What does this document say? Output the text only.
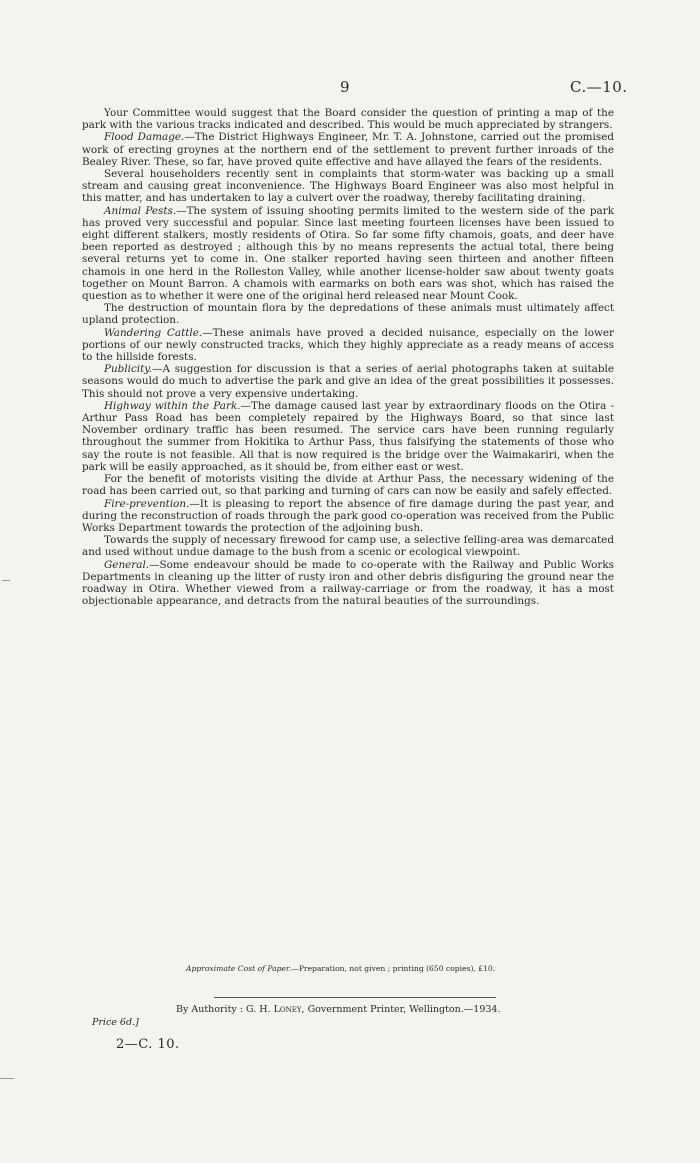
9	C.—10.

Your Committee would suggest that the Board consider the question of printing a map of the park with the various tracks indicated and described. This would be much appreciated by strangers.

Flood Damage.—The District Highways Engineer, Mr. T. A. Johnstone, carried out the promised work of erecting groynes at the northern end of the settlement to prevent further inroads of the Bealey River. These, so far, have proved quite effective and have allayed the fears of the residents.

Several householders recently sent in complaints that storm-water was backing up a small stream and causing great inconvenience. The Highways Board Engineer was also most helpful in this matter, and has undertaken to lay a culvert over the roadway, thereby facilitating draining.

Animal Pests.—The system of issuing shooting permits limited to the western side of the park has proved very successful and popular. Since last meeting fourteen licenses have been issued to eight different stalkers, mostly residents of Otira. So far some fifty chamois, goats, and deer have been reported as destroyed ; although this by no means represents the actual total, there being several returns yet to come in. One stalker reported having seen thirteen and another fifteen chamois in one herd in the Rolleston Valley, while another license-holder saw about twenty goats together on Mount Barron. A chamois with earmarks on both ears was shot, which has raised the question as to whether it were one of the original herd released near Mount Cook.

The destruction of mountain flora by the depredations of these animals must ultimately affect upland protection.

Wandering Cattle.—These animals have proved a decided nuisance, especially on the lower portions of our newly constructed tracks, which they highly appreciate as a ready means of access to the hillside forests.

Publicity.—A suggestion for discussion is that a series of aerial photographs taken at suitable seasons would do much to advertise the park and give an idea of the great possibilities it possesses. This should not prove a very expensive undertaking.

Highway within the Park.—The damage caused last year by extraordinary floods on the Otira - Arthur Pass Road has been completely repaired by the Highways Board, so that since last November ordinary traffic has been resumed. The service cars have been running regularly throughout the summer from Hokitika to Arthur Pass, thus falsifying the statements of those who say the route is not feasible. All that is now required is the bridge over the Waimakariri, when the park will be easily approached, as it should be, from either east or west.

For the benefit of motorists visiting the divide at Arthur Pass, the necessary widening of the road has been carried out, so that parking and turning of cars can now be easily and safely effected.

Fire-prevention.—It is pleasing to report the absence of fire damage during the past year, and during the reconstruction of roads through the park good co-operation was received from the Public Works Department towards the protection of the adjoining bush.

Towards the supply of necessary firewood for camp use, a selective felling-area was demarcated and used without undue damage to the bush from a scenic or ecological viewpoint.

General.—Some endeavour should be made to co-operate with the Railway and Public Works Departments in cleaning up the litter of rusty iron and other debris disfiguring the ground near the roadway in Otira. Whether viewed from a railway-carriage or from the roadway, it has a most objectionable appearance, and detracts from the natural beauties of the surroundings.

Approximate Cost of Paper.—Preparation, not given ; printing (650 copies), £10.
By Authority : G. H. Loney, Government Printer, Wellington.—1934.
Price 6d.]
2—C. 10.
